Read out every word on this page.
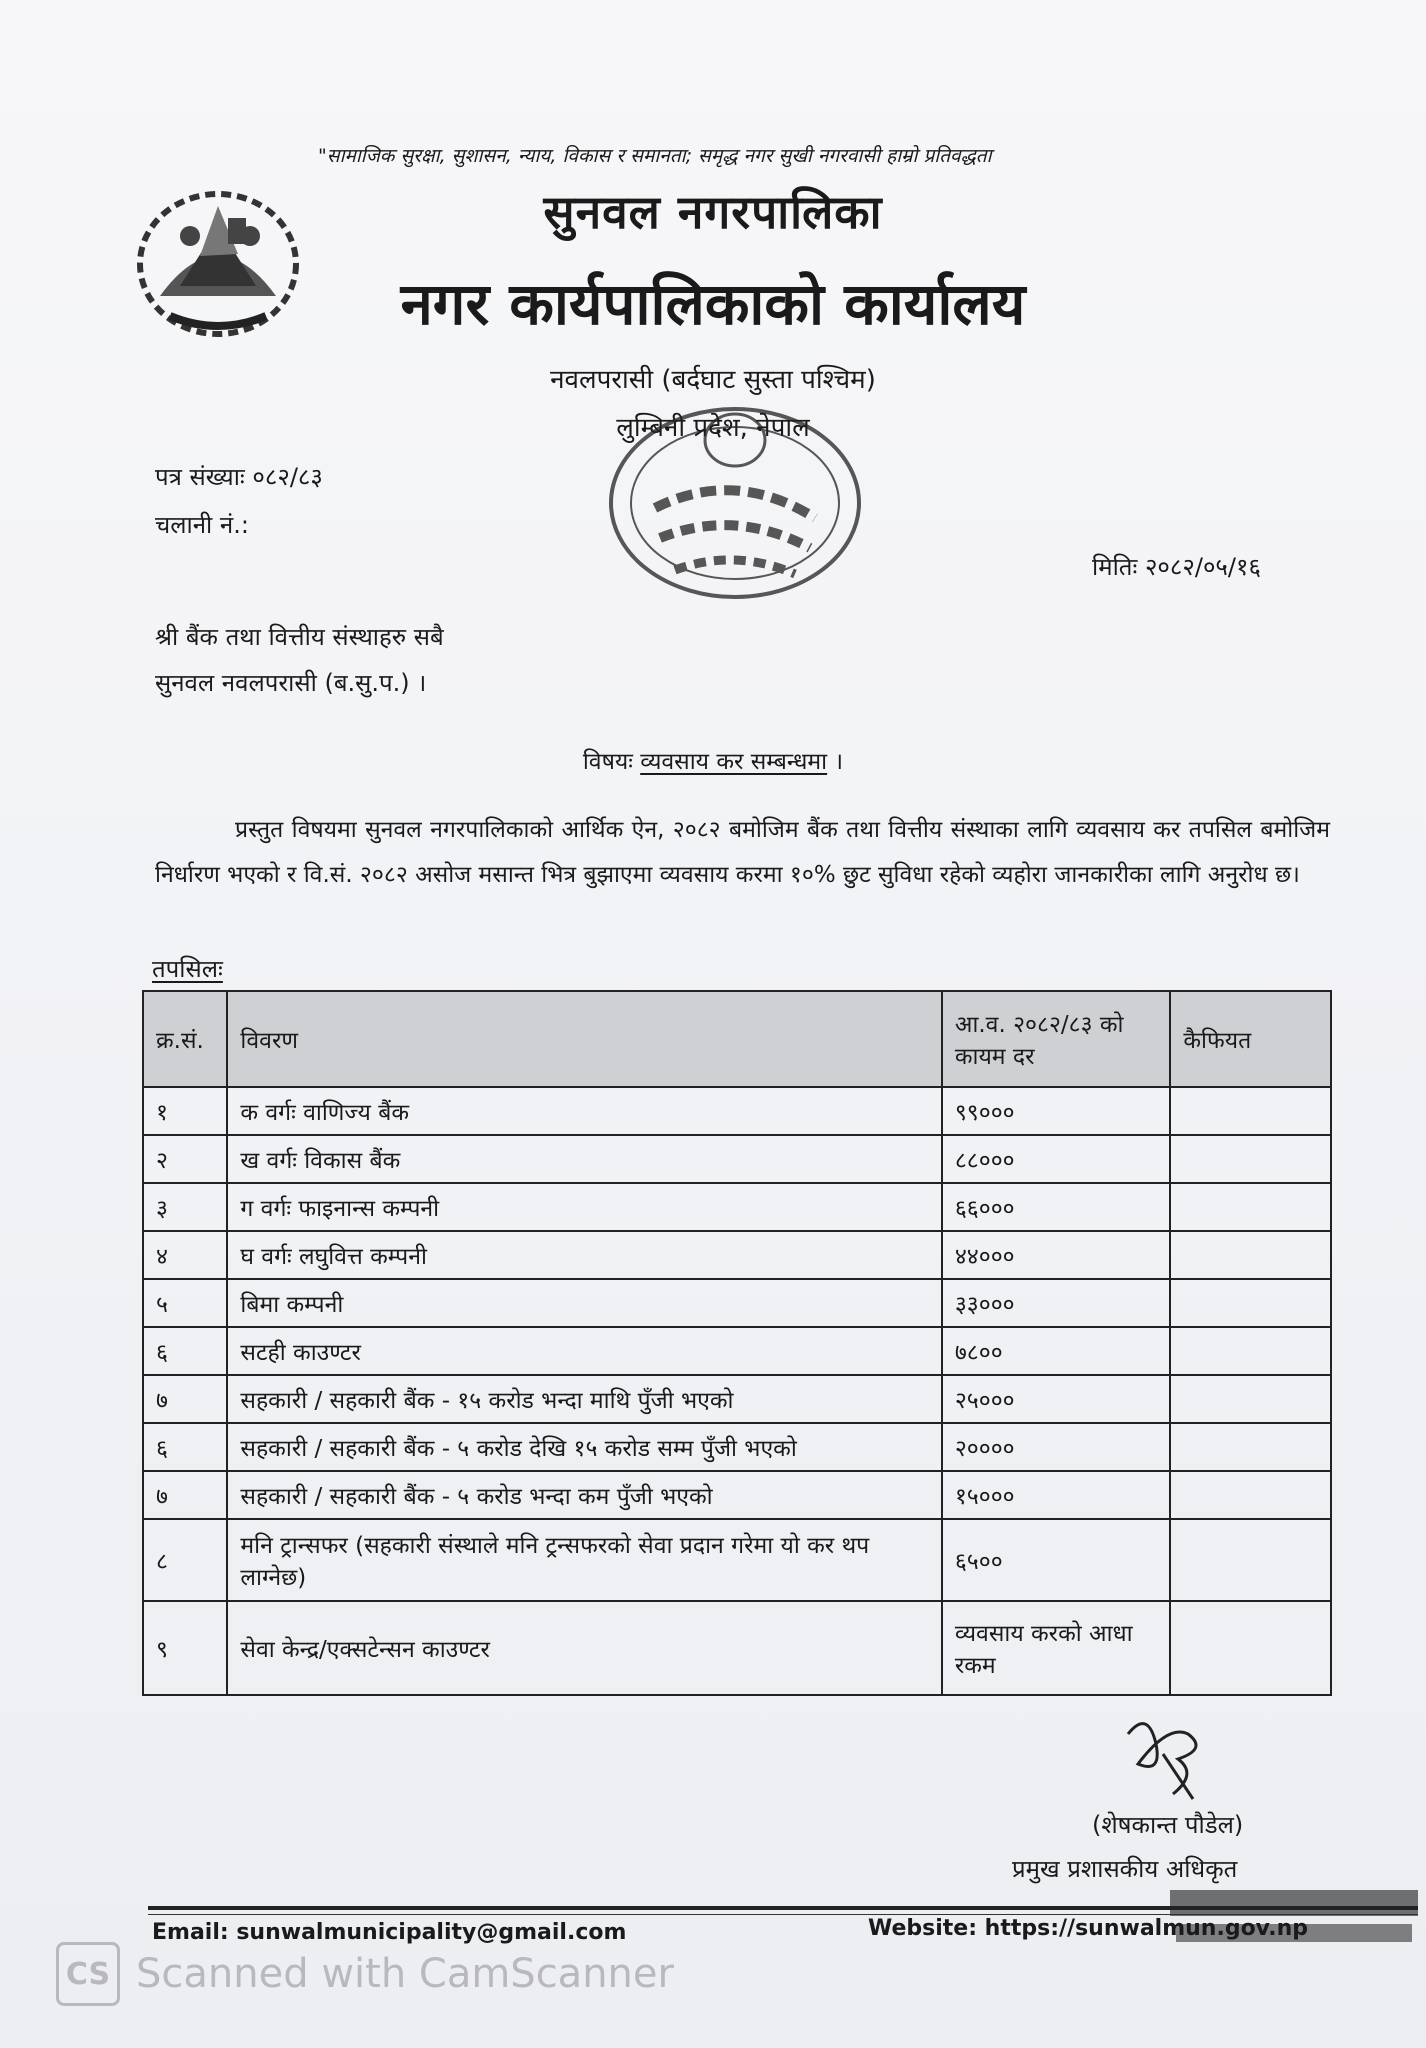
"सामाजिक सुरक्षा, सुशासन, न्याय, विकास र समानता; समृद्ध नगर सुखी नगरवासी हाम्रो प्रतिवद्धता
सुनवल नगरपालिका
नगर कार्यपालिकाको कार्यालय
नवलपरासी (बर्दघाट सुस्ता पश्चिम)
लुम्बिनी प्रदेश, नेपाल
पत्र संख्याः ०८२/८३
चलानी नं.:
मितिः २०८२/०५/१६
श्री बैंक तथा वित्तीय संस्थाहरु सबै
सुनवल नवलपरासी (ब.सु.प.) ।
विषयः व्यवसाय कर सम्बन्धमा ।
प्रस्तुत विषयमा सुनवल नगरपालिकाको आर्थिक ऐन, २०८२ बमोजिम बैंक तथा वित्तीय संस्थाका लागि व्यवसाय कर तपसिल बमोजिम निर्धारण भएको र वि.सं. २०८२ असोज मसान्त भित्र बुझाएमा व्यवसाय करमा १०% छुट सुविधा रहेको व्यहोरा जानकारीका लागि अनुरोध छ।
तपसिलः
क्र.सं.	विवरण	आ.व. २०८२/८३ को कायम दर	कैफियत
१	क वर्गः वाणिज्य बैंक	९९०००	
२	ख वर्गः विकास बैंक	८८०००	
३	ग वर्गः फाइनान्स कम्पनी	६६०००	
४	घ वर्गः लघुवित्त कम्पनी	४४०००	
५	बिमा कम्पनी	३३०००	
६	सटही काउण्टर	७८००	
७	सहकारी / सहकारी बैंक - १५ करोड भन्दा माथि पुँजी भएको	२५०००	
६	सहकारी / सहकारी बैंक - ५ करोड देखि १५ करोड सम्म पुँजी भएको	२००००	
७	सहकारी / सहकारी बैंक - ५ करोड भन्दा कम पुँजी भएको	१५०००	
८	मनि ट्रान्सफर (सहकारी संस्थाले मनि ट्रन्सफरको सेवा प्रदान गरेमा यो कर थप लाग्नेछ)	६५००	
९	सेवा केन्द्र/एक्सटेन्सन काउण्टर	व्यवसाय करको आधा रकम	
(शेषकान्त पौडेल)
प्रमुख प्रशासकीय अधिकृत
Email: sunwalmunicipality@gmail.com	Website: https://sunwalmun.gov.np
CS Scanned with CamScanner
